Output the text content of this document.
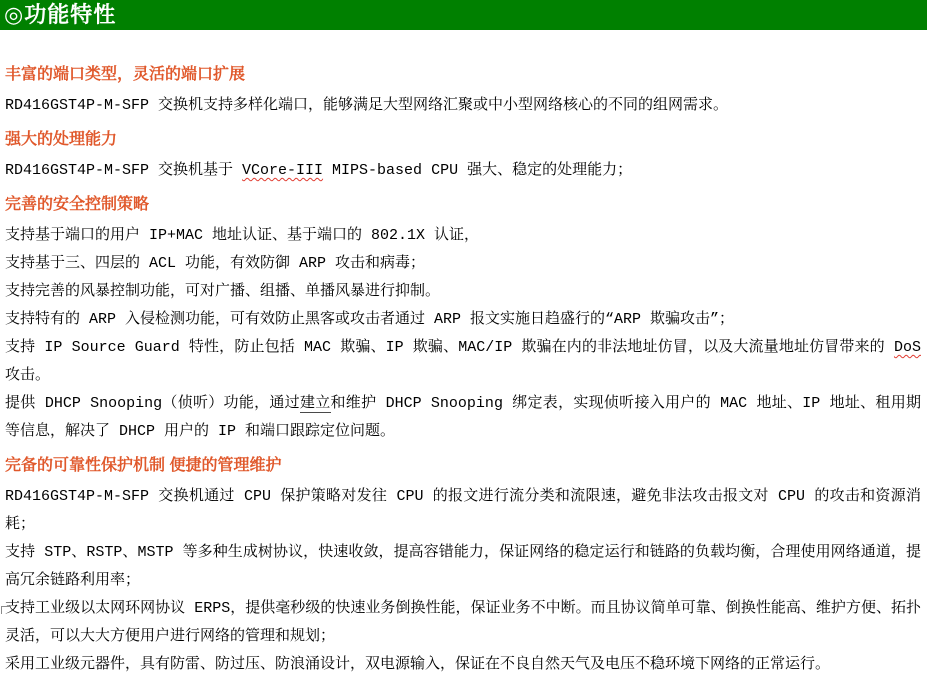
◎功能特性
丰富的端口类型，灵活的端口扩展

RD416GST4P-M-SFP 交换机支持多样化端口，能够满足大型网络汇聚或中小型网络核心的不同的组网需求。

强大的处理能力

RD416GST4P-M-SFP 交换机基于 VCore-III MIPS-based CPU 强大、稳定的处理能力；

完善的安全控制策略

支持基于端口的用户 IP+MAC 地址认证、基于端口的 802.1X 认证，

支持基于三、四层的 ACL 功能，有效防御 ARP 攻击和病毒；

支持完善的风暴控制功能，可对广播、组播、单播风暴进行抑制。

支持特有的 ARP 入侵检测功能，可有效防止黑客或攻击者通过 ARP 报文实施日趋盛行的“ARP 欺骗攻击”；

支持 IP Source Guard 特性，防止包括 MAC 欺骗、IP 欺骗、MAC/IP 欺骗在内的非法地址仿冒，以及大流量地址仿冒带来的 DoS 攻击。

提供 DHCP Snooping（侦听）功能，通过建立和维护 DHCP Snooping 绑定表，实现侦听接入用户的 MAC 地址、IP 地址、租用期等信息，解决了 DHCP 用户的 IP 和端口跟踪定位问题。

完备的可靠性保护机制 便捷的管理维护

RD416GST4P-M-SFP 交换机通过 CPU 保护策略对发往 CPU 的报文进行流分类和流限速，避免非法攻击报文对 CPU 的攻击和资源消耗；

支持 STP、RSTP、MSTP 等多种生成树协议，快速收敛，提高容错能力，保证网络的稳定运行和链路的负载均衡，合理使用网络通道，提高冗余链路利用率；

支持工业级以太网环网协议 ERPS，提供毫秒级的快速业务倒换性能，保证业务不中断。而且协议简单可靠、倒换性能高、维护方便、拓扑灵活，可以大大方便用户进行网络的管理和规划；

采用工业级元器件，具有防雷、防过压、防浪涌设计，双电源输入，保证在不良自然天气及电压不稳环境下网络的正常运行。
